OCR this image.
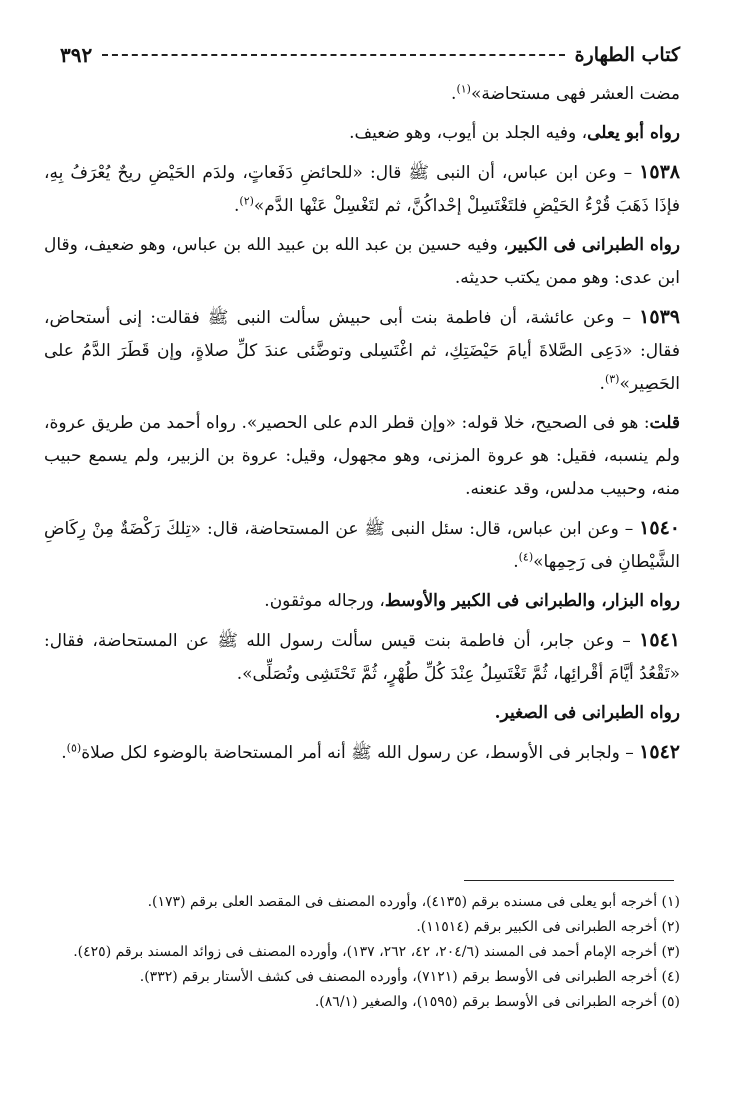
كتاب الطهارة
٣٩٢

مضت العشر فهى مستحاضة»$^{(١)}$.

رواه أبو يعلى، وفيه الجلد بن أيوب، وهو ضعيف.

١٥٣٨ – وعن ابن عباس، أن النبى ﷺ قال: «للحائضِ دَفَعاتٍ، ولدَم الحَيْضِ ريحٌ يُعْرَفُ بِهِ، فإذَا ذَهَبَ قُرْءُ الحَيْضِ فلتَغْتَسِلْ إحْداكُنَّ، ثم لتَغْسِلْ عَنْها الدَّم»$^{(٢)}$.

رواه الطبرانى فى الكبير، وفيه حسين بن عبد الله بن عبيد الله بن عباس، وهو ضعيف، وقال ابن عدى: وهو ممن يكتب حديثه.

١٥٣٩ – وعن عائشة، أن فاطمة بنت أبى حبيش سألت النبى ﷺ فقالت: إنى أستحاض، فقال: «دَعِى الصَّلاةَ أيامَ حَيْضَتِكِ، ثم اغْتَسِلى وتوضَّئى عندَ كلِّ صلاةٍ، وإن قَطَرَ الدَّمُ على الحَصِير»$^{(٣)}$.

قلت: هو فى الصحيح، خلا قوله: «وإن قطر الدم على الحصير». رواه أحمد من طريق عروة، ولم ينسبه، فقيل: هو عروة المزنى، وهو مجهول، وقيل: عروة بن الزبير، ولم يسمع حبيب منه، وحبيب مدلس، وقد عنعنه.

١٥٤٠ – وعن ابن عباس، قال: سئل النبى ﷺ عن المستحاضة، قال: «تِلكَ رَكْضَةٌ مِنْ رِكَاضِ الشَّيْطانِ فى رَحِمِها»$^{(٤)}$.

رواه البزار، والطبرانى فى الكبير والأوسط، ورجاله موثقون.

١٥٤١ – وعن جابر، أن فاطمة بنت قيس سألت رسول الله ﷺ عن المستحاضة، فقال: «تَقْعُدُ أيَّامَ أقْرائِها، ثُمَّ تَغْتَسِلُ عِنْدَ كُلِّ طُهْرٍ، ثُمَّ تَحْتَشِى وتُصَلِّى».

رواه الطبرانى فى الصغير.

١٥٤٢ – ولجابر فى الأوسط، عن رسول الله ﷺ أنه أمر المستحاضة بالوضوء لكل صلاة$^{(٥)}$.

(١) أخرجه أبو يعلى فى مسنده برقم (٤١٣٥)، وأورده المصنف فى المقصد العلى برقم (١٧٣).

(٢) أخرجه الطبرانى فى الكبير برقم (١١٥١٤).

(٣) أخرجه الإمام أحمد فى المسند (٢٠٤/٦، ٤٢، ٢٦٢، ١٣٧)، وأورده المصنف فى زوائد المسند برقم (٤٢٥).

(٤) أخرجه الطبرانى فى الأوسط برقم (٧١٢١)، وأورده المصنف فى كشف الأستار برقم (٣٣٢).

(٥) أخرجه الطبرانى فى الأوسط برقم (١٥٩٥)، والصغير (٨٦/١).
